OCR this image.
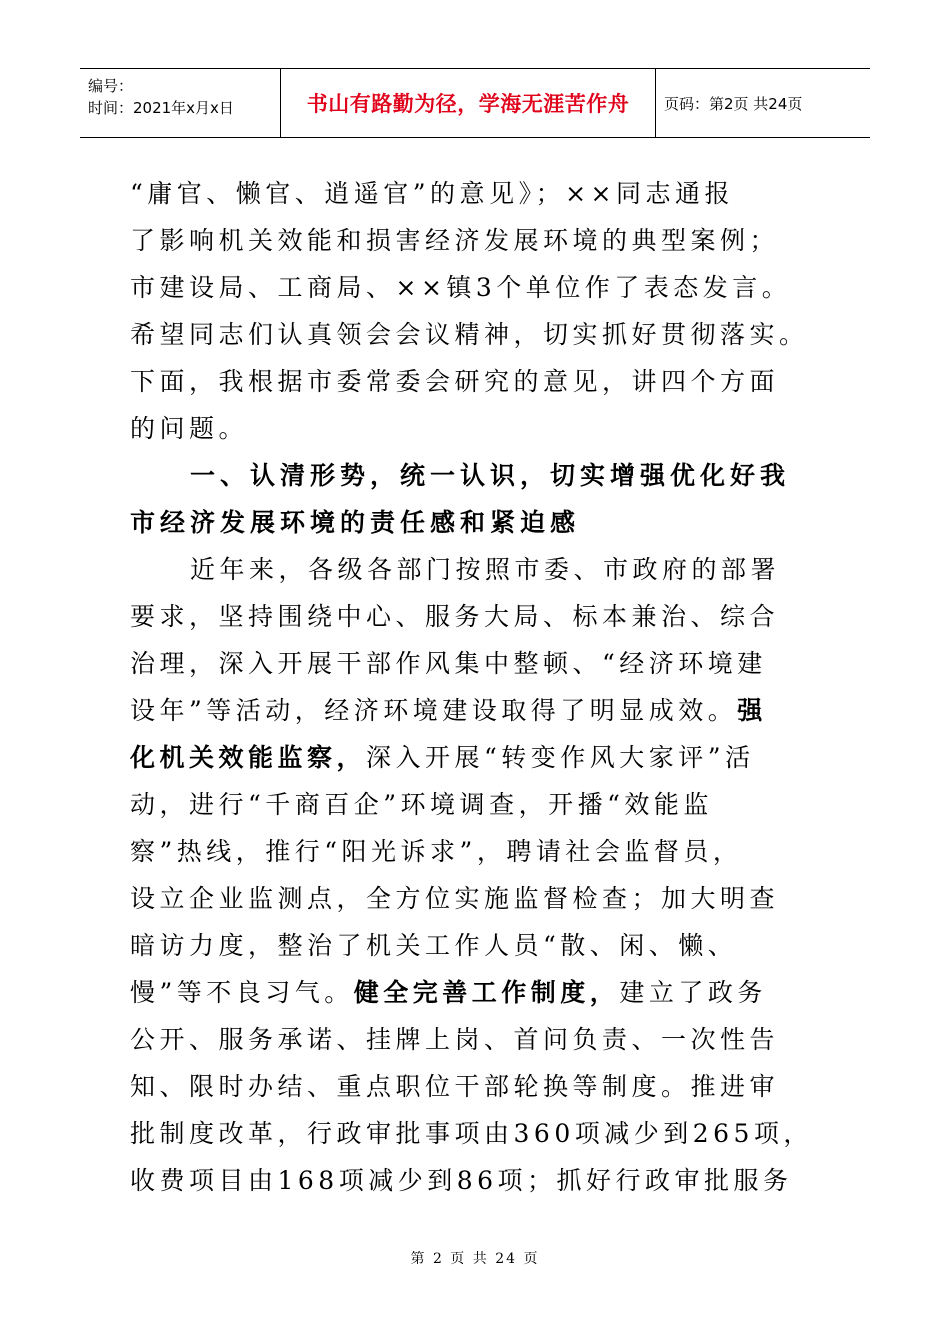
编号：
时间：2021年x月x日	书山有路勤为径，学海无涯苦作舟	页码：第2页 共24页
“庸官、懒官、逍遥官”的意见》；××同志通报
了影响机关效能和损害经济发展环境的典型案例；
市建设局、工商局、××镇3个单位作了表态发言。
希望同志们认真领会会议精神，切实抓好贯彻落实。
下面，我根据市委常委会研究的意见，讲四个方面
的问题。
一、认清形势，统一认识，切实增强优化好我
市经济发展环境的责任感和紧迫感
近年来，各级各部门按照市委、市政府的部署
要求，坚持围绕中心、服务大局、标本兼治、综合
治理，深入开展干部作风集中整顿、“经济环境建
设年”等活动，经济环境建设取得了明显成效。强
化机关效能监察，深入开展“转变作风大家评”活
动，进行“千商百企”环境调查，开播“效能监
察”热线，推行“阳光诉求”，聘请社会监督员，
设立企业监测点，全方位实施监督检查；加大明查
暗访力度，整治了机关工作人员“散、闲、懒、
慢”等不良习气。健全完善工作制度，建立了政务
公开、服务承诺、挂牌上岗、首问负责、一次性告
知、限时办结、重点职位干部轮换等制度。推进审
批制度改革，行政审批事项由360项减少到265项，
收费项目由168项减少到86项；抓好行政审批服务
第 2 页 共 24 页
